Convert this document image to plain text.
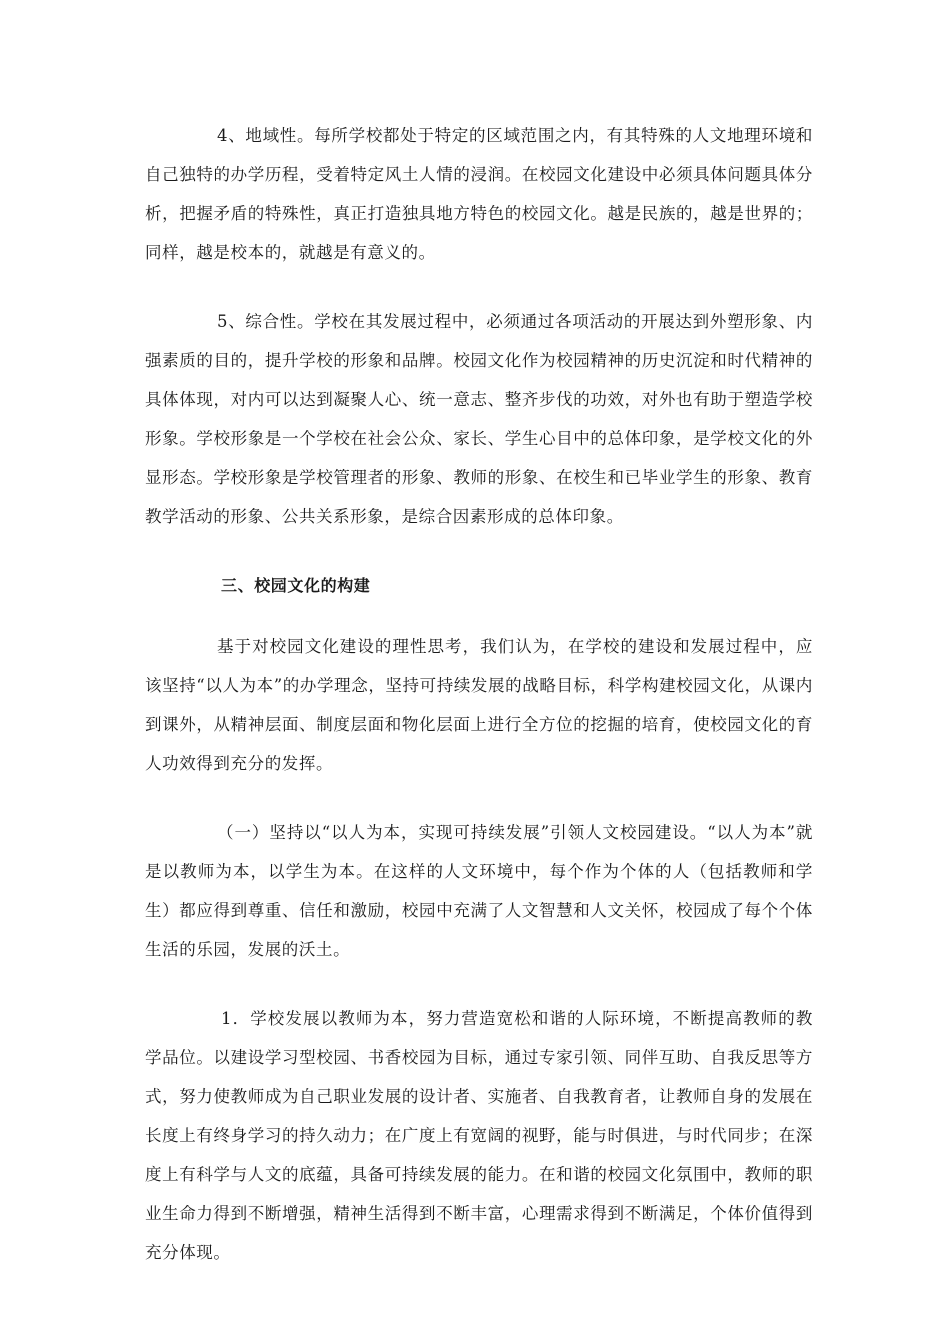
4、地域性。每所学校都处于特定的区域范围之内，有其特殊的人文地理环境和自己独特的办学历程，受着特定风土人情的浸润。在校园文化建设中必须具体问题具体分析，把握矛盾的特殊性，真正打造独具地方特色的校园文化。越是民族的，越是世界的；同样，越是校本的，就越是有意义的。

5、综合性。学校在其发展过程中，必须通过各项活动的开展达到外塑形象、内强素质的目的，提升学校的形象和品牌。校园文化作为校园精神的历史沉淀和时代精神的具体体现，对内可以达到凝聚人心、统一意志、整齐步伐的功效，对外也有助于塑造学校形象。学校形象是一个学校在社会公众、家长、学生心目中的总体印象，是学校文化的外显形态。学校形象是学校管理者的形象、教师的形象、在校生和已毕业学生的形象、教育教学活动的形象、公共关系形象，是综合因素形成的总体印象。

三、校园文化的构建

基于对校园文化建设的理性思考，我们认为，在学校的建设和发展过程中，应该坚持“以人为本”的办学理念，坚持可持续发展的战略目标，科学构建校园文化，从课内到课外，从精神层面、制度层面和物化层面上进行全方位的挖掘的培育，使校园文化的育人功效得到充分的发挥。

（一）坚持以“以人为本，实现可持续发展”引领人文校园建设。“以人为本”就是以教师为本，以学生为本。在这样的人文环境中，每个作为个体的人（包括教师和学生）都应得到尊重、信任和激励，校园中充满了人文智慧和人文关怀，校园成了每个个体生活的乐园，发展的沃土。

1．学校发展以教师为本，努力营造宽松和谐的人际环境，不断提高教师的教学品位。以建设学习型校园、书香校园为目标，通过专家引领、同伴互助、自我反思等方式，努力使教师成为自己职业发展的设计者、实施者、自我教育者，让教师自身的发展在长度上有终身学习的持久动力；在广度上有宽阔的视野，能与时俱进，与时代同步；在深度上有科学与人文的底蕴，具备可持续发展的能力。在和谐的校园文化氛围中，教师的职业生命力得到不断增强，精神生活得到不断丰富，心理需求得到不断满足，个体价值得到充分体现。
